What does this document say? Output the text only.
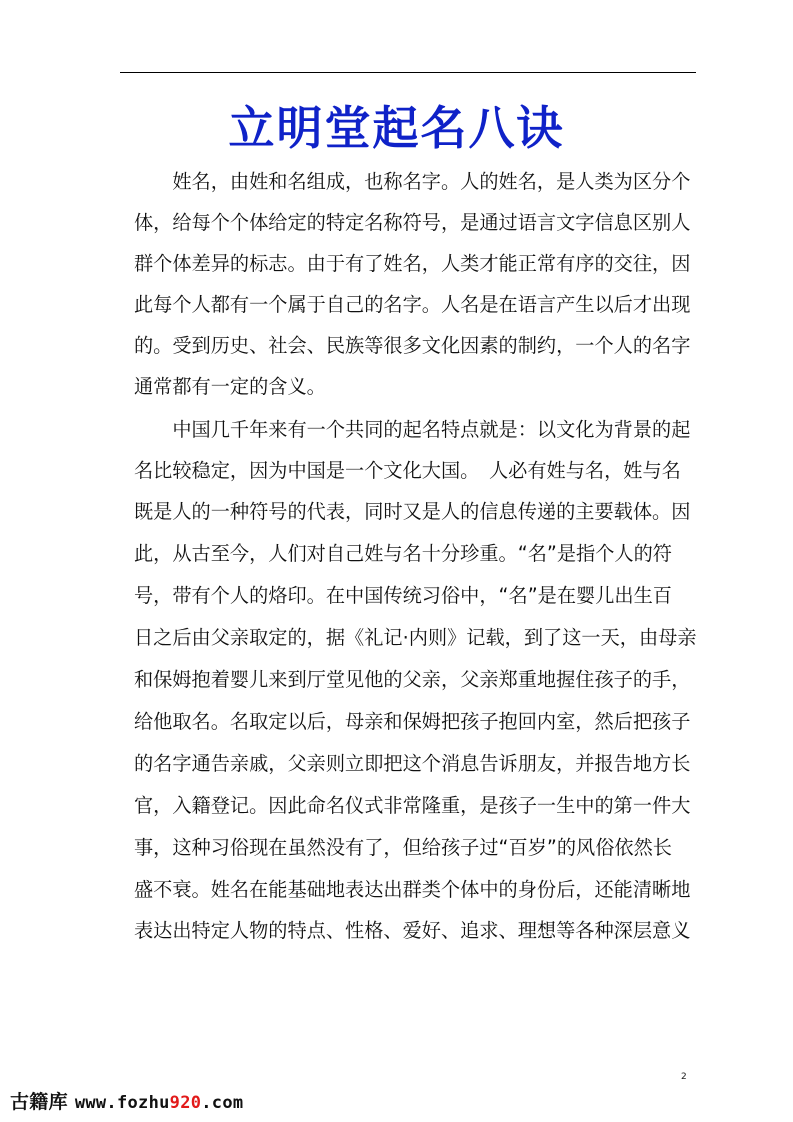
立明堂起名八诀
　　姓名，由姓和名组成，也称名字。人的姓名，是人类为区分个
体，给每个个体给定的特定名称符号，是通过语言文字信息区别人
群个体差异的标志。由于有了姓名，人类才能正常有序的交往，因
此每个人都有一个属于自己的名字。人名是在语言产生以后才出现
的。受到历史、社会、民族等很多文化因素的制约，一个人的名字
通常都有一定的含义。
　　中国几千年来有一个共同的起名特点就是：以文化为背景的起
名比较稳定，因为中国是一个文化大国。　人必有姓与名，姓与名
既是人的一种符号的代表，同时又是人的信息传递的主要载体。因
此，从古至今，人们对自己姓与名十分珍重。“名”是指个人的符
号，带有个人的烙印。在中国传统习俗中，“名”是在婴儿出生百
日之后由父亲取定的，据《礼记·内则》记载，到了这一天，由母亲
和保姆抱着婴儿来到厅堂见他的父亲，父亲郑重地握住孩子的手，
给他取名。名取定以后，母亲和保姆把孩子抱回内室，然后把孩子
的名字通告亲戚，父亲则立即把这个消息告诉朋友，并报告地方长
官，入籍登记。因此命名仪式非常隆重，是孩子一生中的第一件大
事，这种习俗现在虽然没有了，但给孩子过“百岁”的风俗依然长
盛不衰。姓名在能基础地表达出群类个体中的身份后，还能清晰地
表达出特定人物的特点、性格、爱好、追求、理想等各种深层意义
2
古籍库 www.fozhu920.com
